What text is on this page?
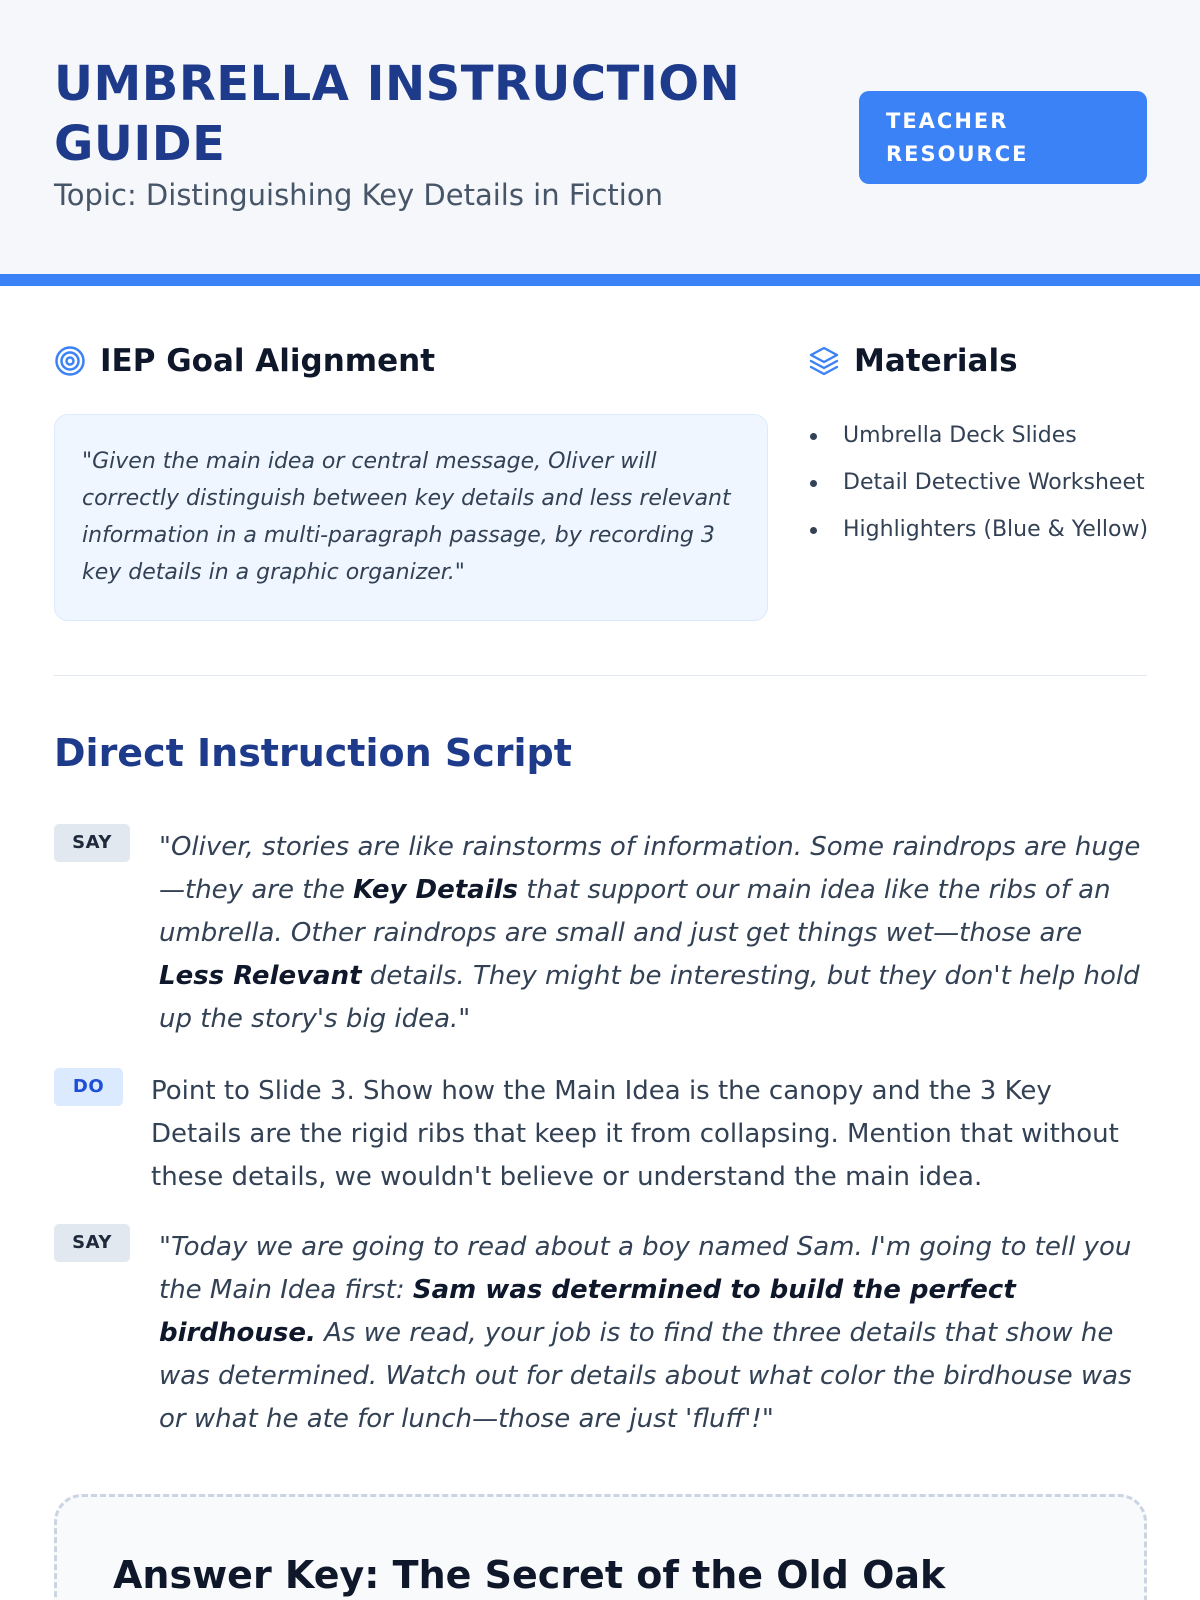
UMBRELLA INSTRUCTION GUIDE
Topic: Distinguishing Key Details in Fiction
TEACHER RESOURCE
IEP Goal Alignment
"Given the main idea or central message, Oliver will correctly distinguish between key details and less relevant information in a multi-paragraph passage, by recording 3 key details in a graphic organizer."
Materials
Umbrella Deck Slides
Detail Detective Worksheet
Highlighters (Blue & Yellow)
Direct Instruction Script
SAY	"Oliver, stories are like rainstorms of information. Some raindrops are huge—they are the Key Details that support our main idea like the ribs of an umbrella. Other raindrops are small and just get things wet—those are Less Relevant details. They might be interesting, but they don't help hold up the story's big idea."
DO	Point to Slide 3. Show how the Main Idea is the canopy and the 3 Key Details are the rigid ribs that keep it from collapsing. Mention that without these details, we wouldn't believe or understand the main idea.
SAY	"Today we are going to read about a boy named Sam. I'm going to tell you the Main Idea first: Sam was determined to build the perfect birdhouse. As we read, your job is to find the three details that show he was determined. Watch out for details about what color the birdhouse was or what he ate for lunch—those are just 'fluff'!"
Answer Key: The Secret of the Old Oak
